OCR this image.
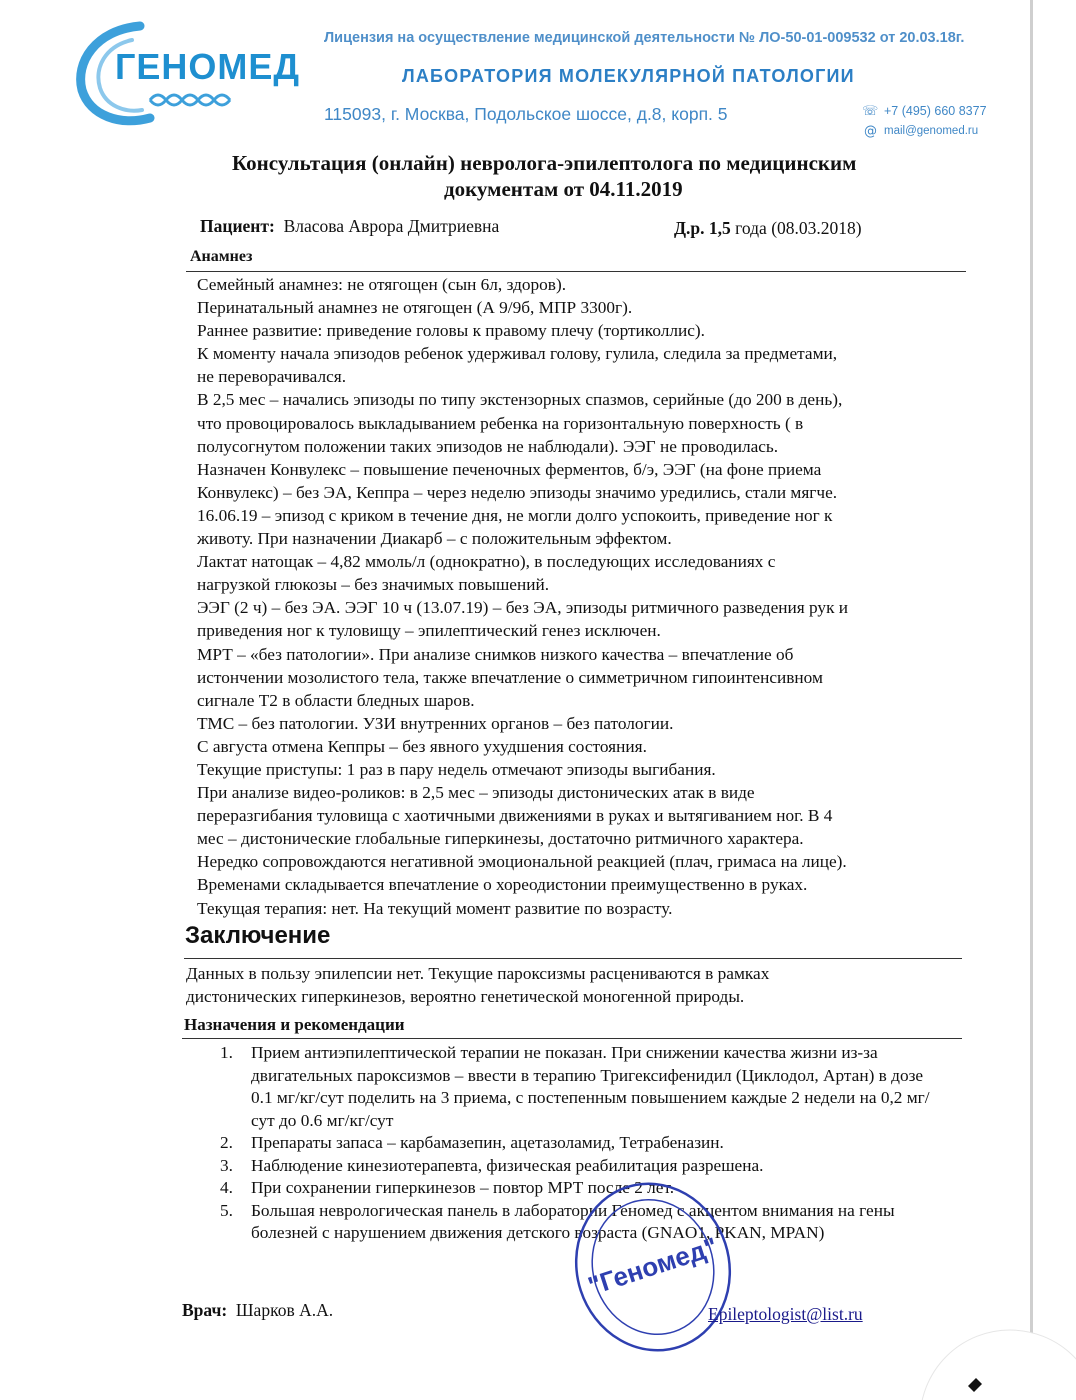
ГЕНОМЕД
Лицензия на осуществление медицинской деятельности № ЛО-50-01-009532 от 20.03.18г.
ЛАБОРАТОРИЯ МОЛЕКУЛЯРНОЙ ПАТОЛОГИИ
115093, г. Москва, Подольское шоссе, д.8, корп. 5	☏ +7 (495) 660 8377
@ mail@genomed.ru
Консультация (онлайн) невролога-эпилептолога по медицинским
документам от 04.11.2019
Пациент: Власова Аврора Дмитриевна	Д.р. 1,5 года (08.03.2018)
Анамнез

Семейный анамнез: не отягощен (сын 6л, здоров).

Перинатальный анамнез не отягощен (А 9/9б, МПР 3300г).

Раннее развитие: приведение головы к правому плечу (тортиколлис).

К моменту начала эпизодов ребенок удерживал голову, гулила, следила за предметами,

не переворачивался.

В 2,5 мес – начались эпизоды по типу экстензорных спазмов, серийные (до 200 в день),

что провоцировалось выкладыванием ребенка на горизонтальную поверхность ( в

полусогнутом положении таких эпизодов не наблюдали). ЭЭГ не проводилась.

Назначен Конвулекс – повышение печеночных ферментов, б/э, ЭЭГ (на фоне приема

Конвулекс) – без ЭА, Кеппра – через неделю эпизоды значимо уредились, стали мягче.

16.06.19 – эпизод с криком в течение дня, не могли долго успокоить, приведение ног к

животу. При назначении Диакарб – с положительным эффектом.

Лактат натощак – 4,82 ммоль/л (однократно), в последующих исследованиях с

нагрузкой глюкозы – без значимых повышений.

ЭЭГ (2 ч) – без ЭА. ЭЭГ 10 ч (13.07.19) – без ЭА, эпизоды ритмичного разведения рук и

приведения ног к туловищу – эпилептический генез исключен.

МРТ – «без патологии». При анализе снимков низкого качества – впечатление об

истончении мозолистого тела, также впечатление о симметричном гипоинтенсивном

сигнале Т2 в области бледных шаров.

ТМС – без патологии. УЗИ внутренних органов – без патологии.

С августа отмена Кеппры – без явного ухудшения состояния.

Текущие приступы: 1 раз в пару недель отмечают эпизоды выгибания.

При анализе видео-роликов: в 2,5 мес – эпизоды дистонических атак в виде

переразгибания туловища с хаотичными движениями в руках и вытягиванием ног. В 4

мес – дистонические глобальные гиперкинезы, достаточно ритмичного характера.

Нередко сопровождаются негативной эмоциональной реакцией (плач, гримаса на лице).

Временами складывается впечатление о хореодистонии преимущественно в руках.

Текущая терапия: нет. На текущий момент развитие по возрасту.

Заключение
Данных в пользу эпилепсии нет. Текущие пароксизмы расцениваются в рамках
дистонических гиперкинезов, вероятно генетической моногенной природы.
Назначения и рекомендации
1. Прием антиэпилептической терапии не показан. При снижении качества жизни из-за двигательных пароксизмов – ввести в терапию Тригексифенидил (Циклодол, Артан) в дозе 0.1 мг/кг/сут поделить на 3 приема, с постепенным повышением каждые 2 недели на 0,2 мг/сут до 0.6 мг/кг/сут
2. Препараты запаса – карбамазепин, ацетазоламид, Тетрабеназин.
3. Наблюдение кинезиотерапевта, физическая реабилитация разрешена.
4. При сохранении гиперкинезов – повтор МРТ после 2 лет.
5. Большая неврологическая панель в лаборатории Геномед с акцентом внимания на гены болезней с нарушением движения детского возраста (GNAO1, PKAN, MPAN)
"Геномед"
Врач: Шарков А.А.	Epileptologist@list.ru
